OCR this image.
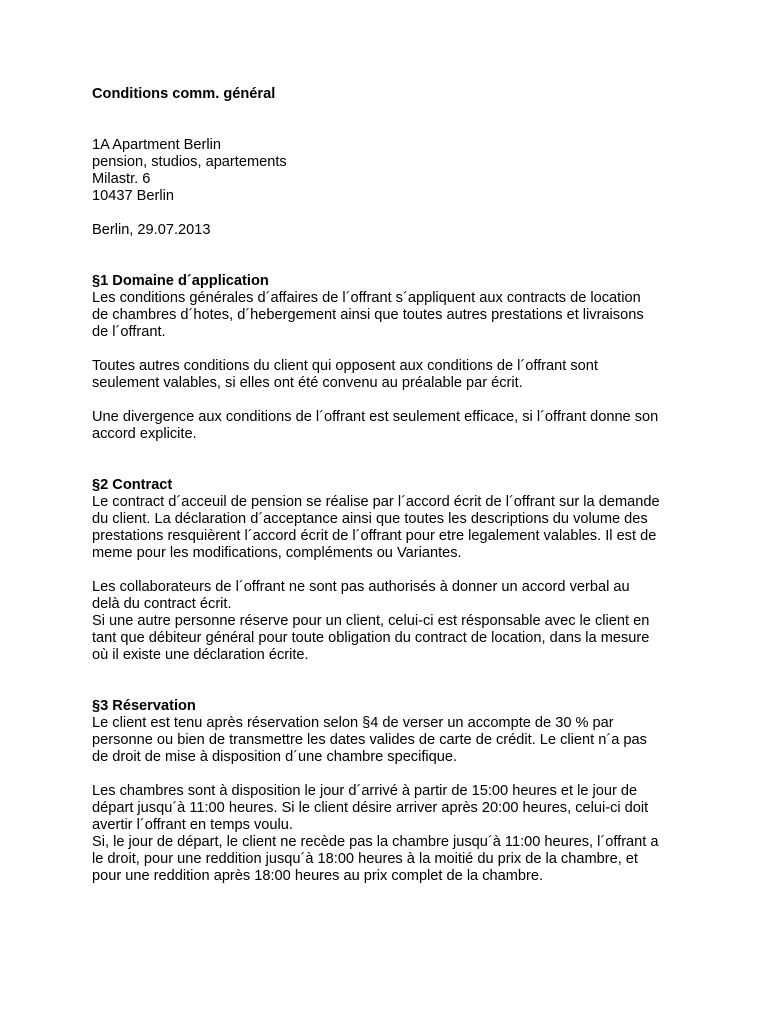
Conditions comm. général
1A Apartment Berlin
pension, studios, apartements
Milastr. 6
10437 Berlin
Berlin, 29.07.2013
§1 Domaine d´application
Les conditions générales d´affaires de l´offrant s´appliquent aux contracts de location
de chambres d´hotes, d´hebergement ainsi que toutes autres prestations et livraisons
de l´offrant.
Toutes autres conditions du client qui opposent aux conditions de l´offrant sont
seulement valables, si elles ont été convenu au préalable par écrit.
Une divergence aux conditions de l´offrant est seulement efficace, si l´offrant donne son
accord explicite.
§2 Contract
Le contract d´acceuil de pension se réalise par l´accord écrit de l´offrant sur la demande
du client. La déclaration d´acceptance ainsi que toutes les descriptions du volume des
prestations resquièrent l´accord écrit de l´offrant pour etre legalement valables. Il est de
meme pour les modifications, compléments ou Variantes.
Les collaborateurs de l´offrant ne sont pas authorisés à donner un accord verbal au
delà du contract écrit.
Si une autre personne réserve pour un client, celui-ci est résponsable avec le client en
tant que débiteur général pour toute obligation du contract de location, dans la mesure
où il existe une déclaration écrite.
§3 Réservation
Le client est tenu après réservation selon §4 de verser un accompte de 30 % par
personne ou bien de transmettre les dates valides de carte de crédit. Le client n´a pas
de droit de mise à disposition d´une chambre specifique.
Les chambres sont à disposition le jour d´arrivé à partir de 15:00 heures et le jour de
départ jusqu´à 11:00 heures. Si le client désire arriver après 20:00 heures, celui-ci doit
avertir l´offrant en temps voulu.
Si, le jour de départ, le client ne recède pas la chambre jusqu´à 11:00 heures, l´offrant a
le droit, pour une reddition jusqu´à 18:00 heures à la moitié du prix de la chambre, et
pour une reddition après 18:00 heures au prix complet de la chambre.
